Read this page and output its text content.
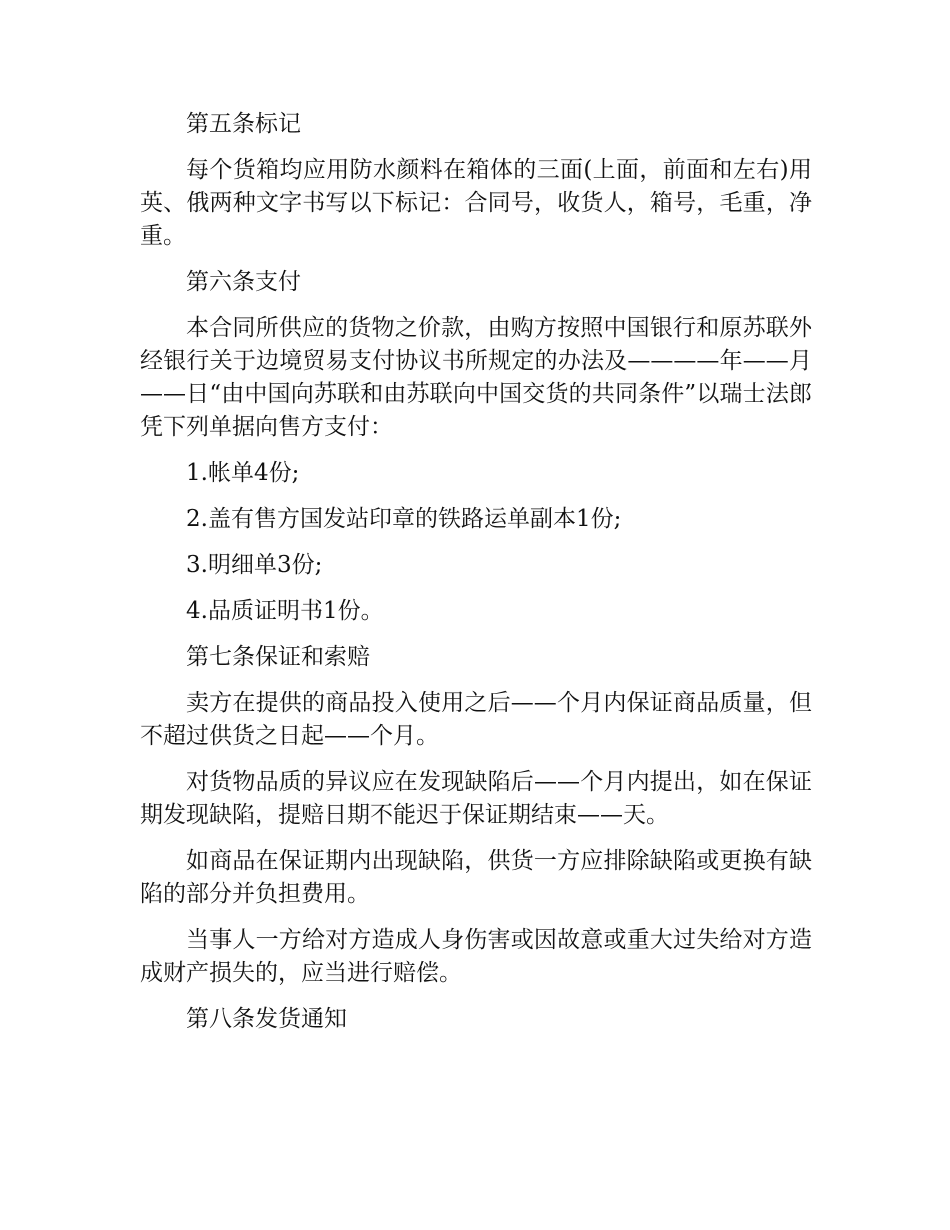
第五条标记

每个货箱均应用防水颜料在箱体的三面(上面，前面和左右)用英、俄两种文字书写以下标记：合同号，收货人，箱号，毛重，净重。

第六条支付

本合同所供应的货物之价款，由购方按照中国银行和原苏联外经银行关于边境贸易支付协议书所规定的办法及————年——月——日“由中国向苏联和由苏联向中国交货的共同条件”以瑞士法郎凭下列单据向售方支付：

1.帐单4份;

2.盖有售方国发站印章的铁路运单副本1份;

3.明细单3份;

4.品质证明书1份。

第七条保证和索赔

卖方在提供的商品投入使用之后——个月内保证商品质量，但不超过供货之日起——个月。

对货物品质的异议应在发现缺陷后——个月内提出，如在保证期发现缺陷，提赔日期不能迟于保证期结束——天。

如商品在保证期内出现缺陷，供货一方应排除缺陷或更换有缺陷的部分并负担费用。

当事人一方给对方造成人身伤害或因故意或重大过失给对方造成财产损失的，应当进行赔偿。

第八条发货通知
